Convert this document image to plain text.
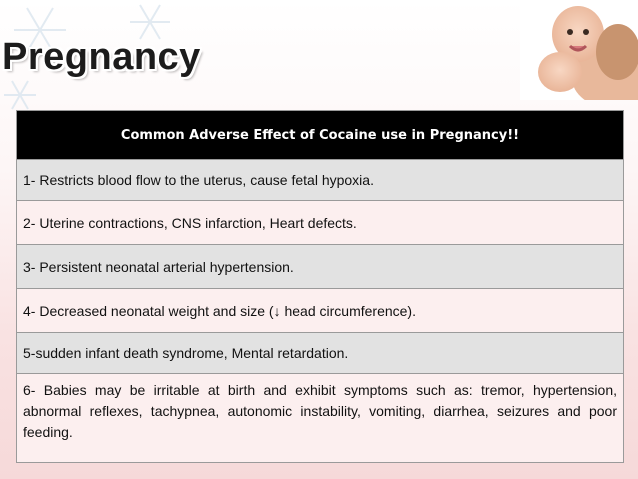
Pregnancy
Common Adverse Effect of Cocaine use in Pregnancy!!
1- Restricts blood flow to the uterus, cause fetal hypoxia.
2- Uterine contractions, CNS infarction, Heart defects.
3- Persistent neonatal arterial hypertension.
4- Decreased neonatal weight and size (↓ head circumference).
5-sudden infant death syndrome, Mental retardation.
6- Babies may be irritable at birth and exhibit symptoms such as: tremor, hypertension, abnormal reflexes, tachypnea, autonomic instability, vomiting, diarrhea, seizures and poor feeding.
